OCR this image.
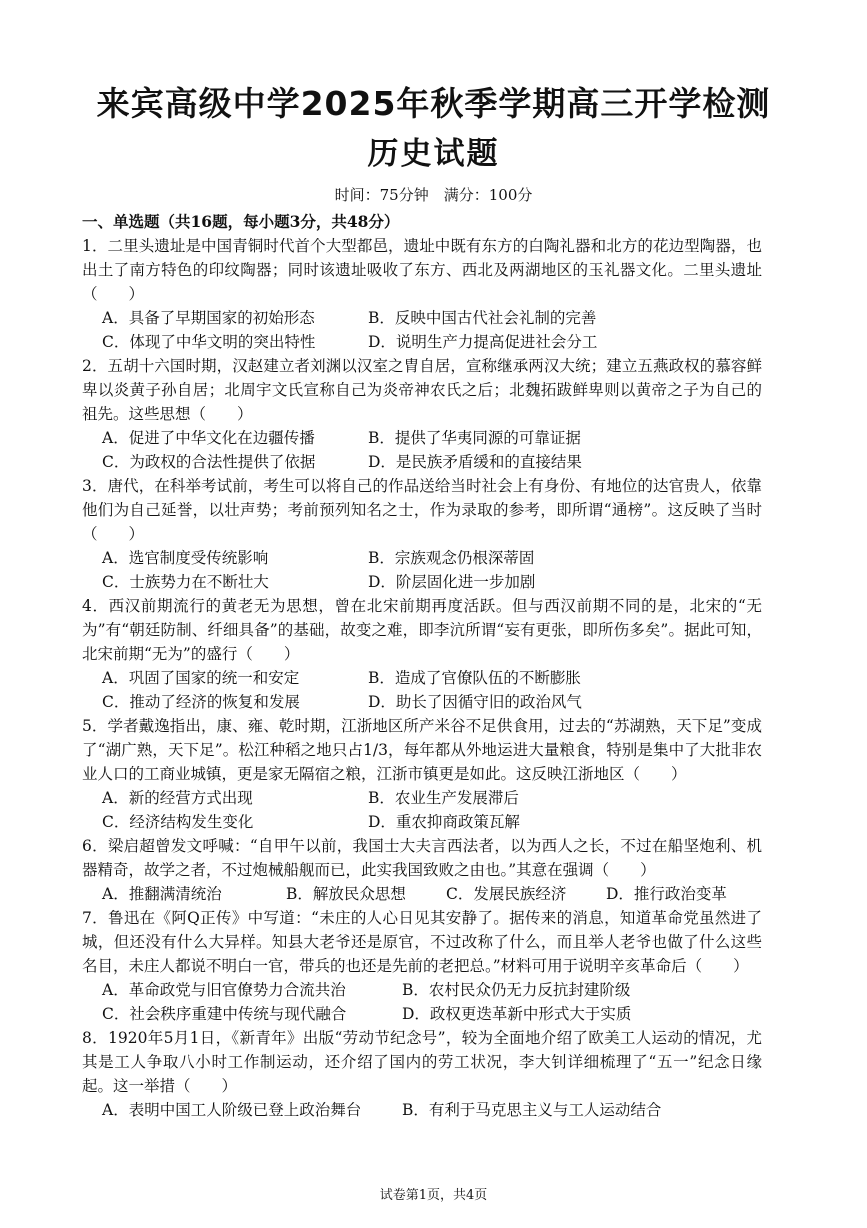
来宾高级中学2025年秋季学期高三开学检测
历史试题
时间：75分钟　满分：100分
一、单选题（共16题，每小题3分，共48分）
1．二里头遗址是中国青铜时代首个大型都邑，遗址中既有东方的白陶礼器和北方的花边型陶器，也出土了南方特色的印纹陶器；同时该遗址吸收了东方、西北及两湖地区的玉礼器文化。二里头遗址（　　）
A．具备了早期国家的初始形态	B．反映中国古代社会礼制的完善
C．体现了中华文明的突出特性	D．说明生产力提高促进社会分工
2．五胡十六国时期，汉赵建立者刘渊以汉室之胄自居，宣称继承两汉大统；建立五燕政权的慕容鲜卑以炎黄子孙自居；北周宇文氏宣称自己为炎帝神农氏之后；北魏拓跋鲜卑则以黄帝之子为自己的祖先。这些思想（　　）
A．促进了中华文化在边疆传播	B．提供了华夷同源的可靠证据
C．为政权的合法性提供了依据	D．是民族矛盾缓和的直接结果
3．唐代，在科举考试前，考生可以将自己的作品送给当时社会上有身份、有地位的达官贵人，依靠他们为自己延誉，以壮声势；考前预列知名之士，作为录取的参考，即所谓“通榜”。这反映了当时（　　）
A．选官制度受传统影响	B．宗族观念仍根深蒂固
C．士族势力在不断壮大	D．阶层固化进一步加剧
4．西汉前期流行的黄老无为思想，曾在北宋前期再度活跃。但与西汉前期不同的是，北宋的“无为”有“朝廷防制、纤细具备”的基础，故变之难，即李沆所谓“妄有更张，即所伤多矣”。据此可知，北宋前期“无为”的盛行（　　）
A．巩固了国家的统一和安定	B．造成了官僚队伍的不断膨胀
C．推动了经济的恢复和发展	D．助长了因循守旧的政治风气
5．学者戴逸指出，康、雍、乾时期，江浙地区所产米谷不足供食用，过去的“苏湖熟，天下足”变成了“湖广熟，天下足”。松江种稻之地只占1/3，每年都从外地运进大量粮食，特别是集中了大批非农业人口的工商业城镇，更是家无隔宿之粮，江浙市镇更是如此。这反映江浙地区（　　）
A．新的经营方式出现	B．农业生产发展滞后
C．经济结构发生变化	D．重农抑商政策瓦解
6．梁启超曾发文呼喊：“自甲午以前，我国士大夫言西法者，以为西人之长，不过在船坚炮利、机器精奇，故学之者，不过炮械船舰而已，此实我国致败之由也。”其意在强调（　　）
A．推翻满清统治	B．解放民众思想	C．发展民族经济	D．推行政治变革
7．鲁迅在《阿Q正传》中写道：“未庄的人心日见其安静了。据传来的消息，知道革命党虽然进了城，但还没有什么大异样。知县大老爷还是原官，不过改称了什么，而且举人老爷也做了什么这些名目，未庄人都说不明白一官，带兵的也还是先前的老把总。”材料可用于说明辛亥革命后（　　）
A．革命政党与旧官僚势力合流共治	B．农村民众仍无力反抗封建阶级
C．社会秩序重建中传统与现代融合	D．政权更迭革新中形式大于实质
8．1920年5月1日，《新青年》出版“劳动节纪念号”，较为全面地介绍了欧美工人运动的情况，尤其是工人争取八小时工作制运动，还介绍了国内的劳工状况，李大钊详细梳理了“五一”纪念日缘起。这一举措（　　）
A．表明中国工人阶级已登上政治舞台	B．有利于马克思主义与工人运动结合
试卷第1页，共4页
